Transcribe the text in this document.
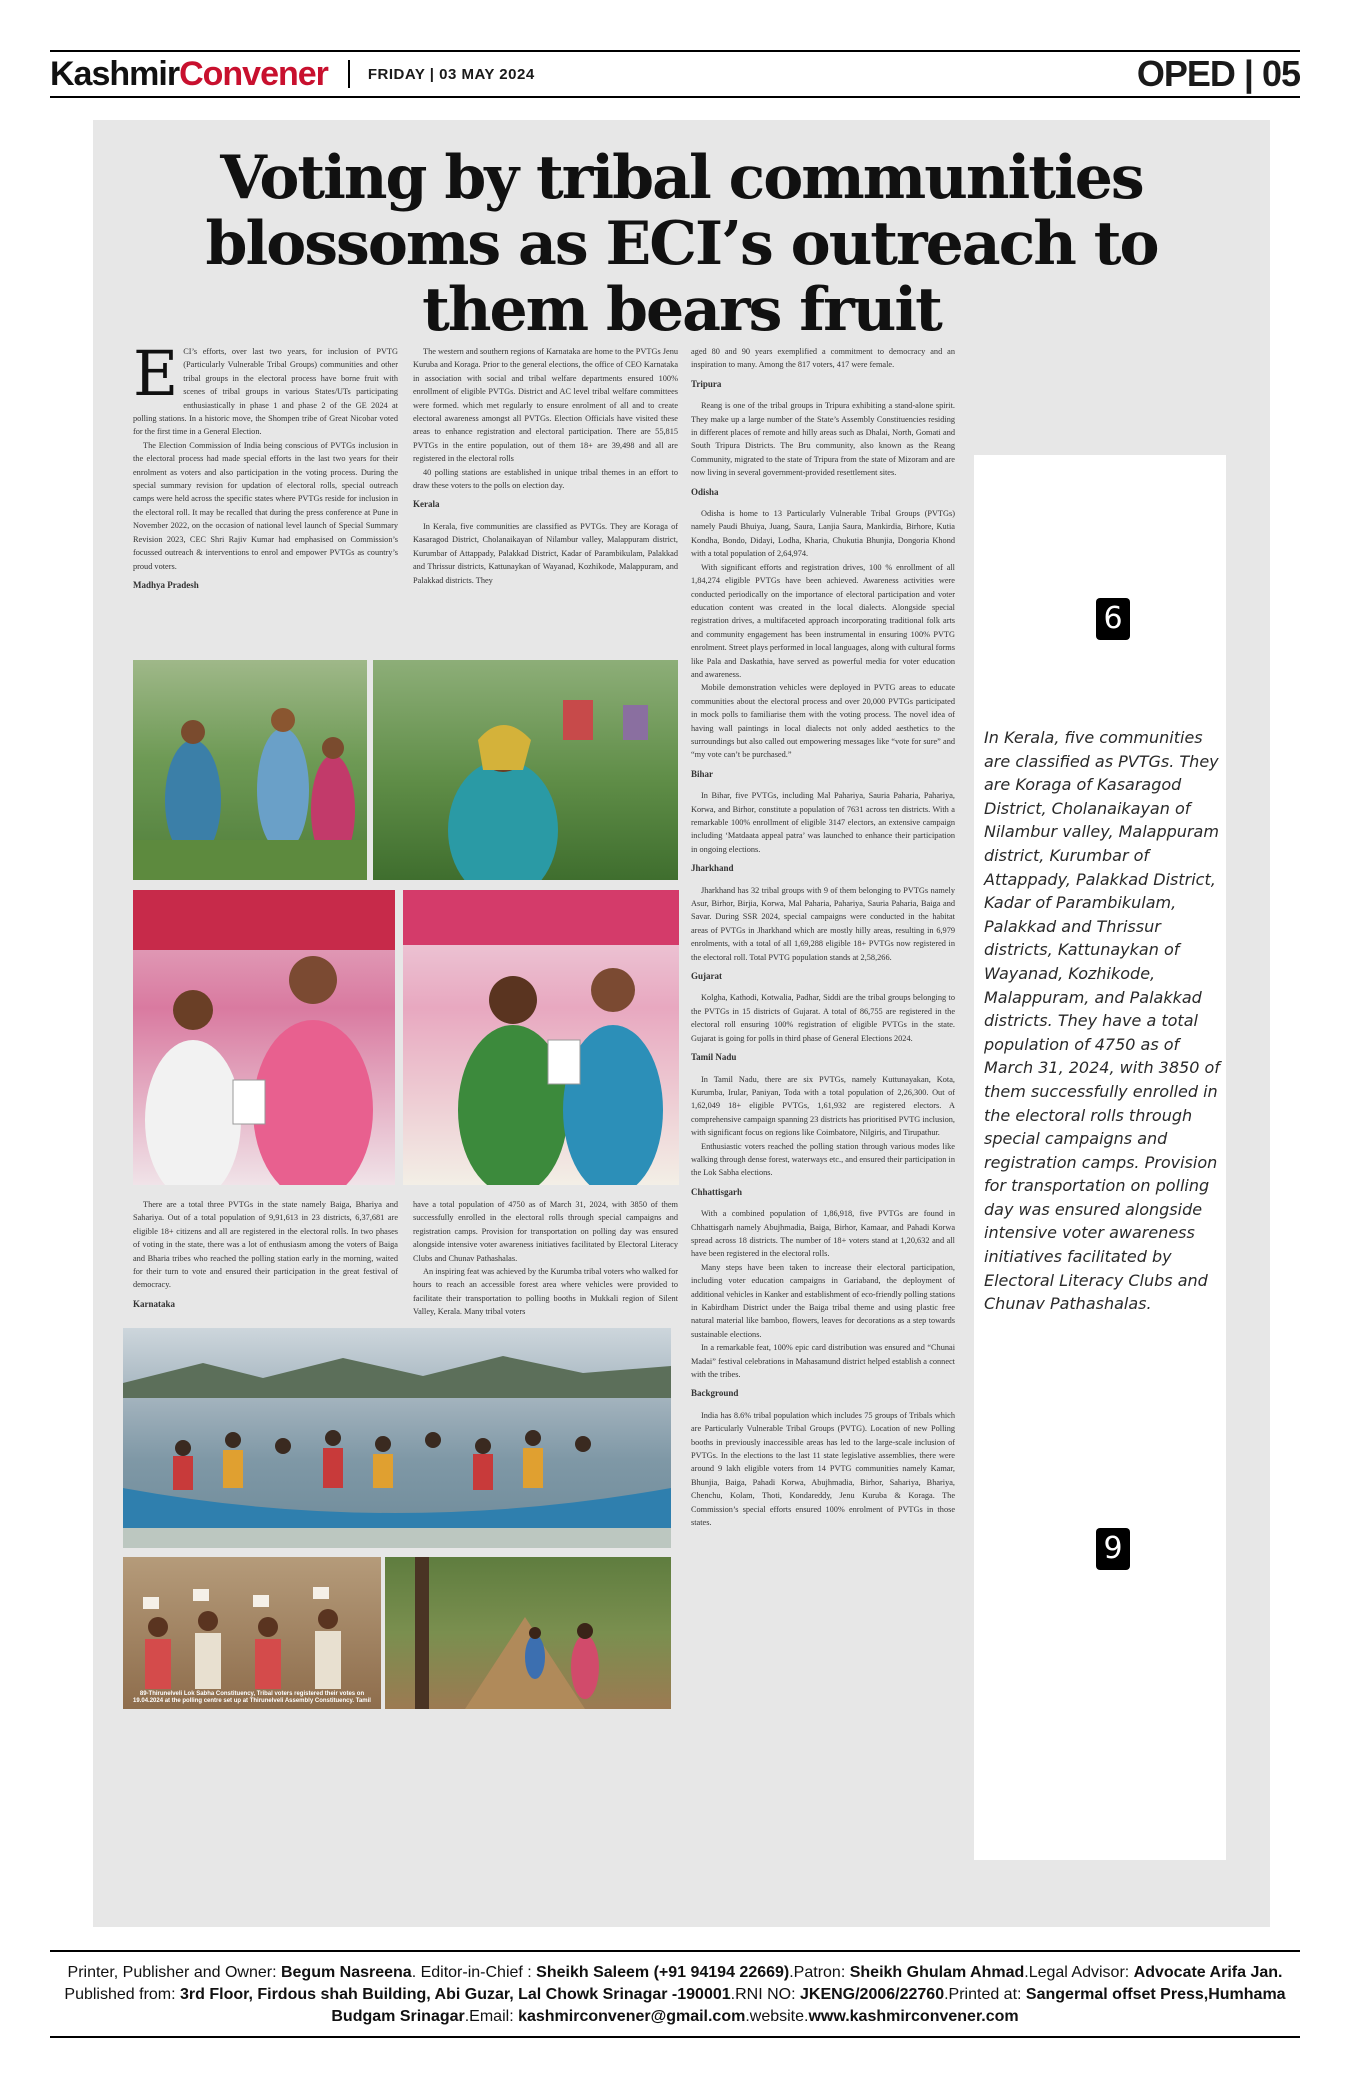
KashmirConvener	FRIDAY | 03 MAY 2024	OPED | 05
Voting by tribal communities
blossoms as ECI’s outreach to
them bears fruit
E CI’s efforts, over last two years, for inclusion of PVTG (Particularly Vulnerable Tribal Groups) communities and other tribal groups in the electoral process have borne fruit with scenes of tribal groups in various States/UTs participating enthusiastically in phase 1 and phase 2 of the GE 2024 at polling stations. In a historic move, the Shompen tribe of Great Nicobar voted for the first time in a General Election.

The Election Commission of India being conscious of PVTGs inclusion in the electoral process had made special efforts in the last two years for their enrolment as voters and also participation in the voting process. During the special summary revision for updation of electoral rolls, special outreach camps were held across the specific states where PVTGs reside for inclusion in the electoral roll. It may be recalled that during the press conference at Pune in November 2022, on the occasion of national level launch of Special Summary Revision 2023, CEC Shri Rajiv Kumar had emphasised on Commission’s focussed outreach & interventions to enrol and empower PVTGs as country’s proud voters.

Madhya Pradesh

The western and southern regions of Karnataka are home to the PVTGs Jenu Kuruba and Koraga. Prior to the general elections, the office of CEO Karnataka in association with social and tribal welfare departments ensured 100% enrollment of eligible PVTGs. District and AC level tribal welfare committees were formed. which met regularly to ensure enrolment of all and to create electoral awareness amongst all PVTGs. Election Officials have visited these areas to enhance registration and electoral participation. There are 55,815 PVTGs in the entire population, out of them 18+ are 39,498 and all are registered in the electoral rolls

40 polling stations are established in unique tribal themes in an effort to draw these voters to the polls on election day.

Kerala

In Kerala, five communities are classified as PVTGs. They are Koraga of Kasaragod District, Cholanaikayan of Nilambur valley, Malappuram district, Kurumbar of Attappady, Palakkad District, Kadar of Parambikulam, Palakkad and Thrissur districts, Kattunaykan of Wayanad, Kozhikode, Malappuram, and Palakkad districts. They

aged 80 and 90 years exemplified a commitment to democracy and an inspiration to many. Among the 817 voters, 417 were female.

Tripura

Reang is one of the tribal groups in Tripura exhibiting a stand-alone spirit. They make up a large number of the State’s Assembly Constituencies residing in different places of remote and hilly areas such as Dhalai, North, Gomati and South Tripura Districts. The Bru community, also known as the Reang Community, migrated to the state of Tripura from the state of Mizoram and are now living in several government-provided resettlement sites.

Odisha

Odisha is home to 13 Particularly Vulnerable Tribal Groups (PVTGs) namely Paudi Bhuiya, Juang, Saura, Lanjia Saura, Mankirdia, Birhore, Kutia Kondha, Bondo, Didayi, Lodha, Kharia, Chukutia Bhunjia, Dongoria Khond with a total population of 2,64,974.

With significant efforts and registration drives, 100 % enrollment of all 1,84,274 eligible PVTGs have been achieved. Awareness activities were conducted periodically on the importance of electoral participation and voter education content was created in the local dialects. Alongside special registration drives, a multifaceted approach incorporating traditional folk arts and community engagement has been instrumental in ensuring 100% PVTG enrolment. Street plays performed in local languages, along with cultural forms like Pala and Daskathia, have served as powerful media for voter education and awareness.

Mobile demonstration vehicles were deployed in PVTG areas to educate communities about the electoral process and over 20,000 PVTGs participated in mock polls to familiarise them with the voting process. The novel idea of having wall paintings in local dialects not only added aesthetics to the surroundings but also called out empowering messages like “vote for sure” and “my vote can’t be purchased.”

Bihar

In Bihar, five PVTGs, including Mal Pahariya, Sauria Paharia, Pahariya, Korwa, and Birhor, constitute a population of 7631 across ten districts. With a remarkable 100% enrollment of eligible 3147 electors, an extensive campaign including ‘Matdaata appeal patra’ was launched to enhance their participation in ongoing elections.

Jharkhand

Jharkhand has 32 tribal groups with 9 of them belonging to PVTGs namely Asur, Birhor, Birjia, Korwa, Mal Paharia, Pahariya, Sauria Paharia, Baiga and Savar. During SSR 2024, special campaigns were conducted in the habitat areas of PVTGs in Jharkhand which are mostly hilly areas, resulting in 6,979 enrolments, with a total of all 1,69,288 eligible 18+ PVTGs now registered in the electoral roll. Total PVTG population stands at 2,58,266.

Gujarat

Kolgha, Kathodi, Kotwalia, Padhar, Siddi are the tribal groups belonging to the PVTGs in 15 districts of Gujarat. A total of 86,755 are registered in the electoral roll ensuring 100% registration of eligible PVTGs in the state. Gujarat is going for polls in third phase of General Elections 2024.

Tamil Nadu

In Tamil Nadu, there are six PVTGs, namely Kuttunayakan, Kota, Kurumba, Irular, Paniyan, Toda with a total population of 2,26,300. Out of 1,62,049 18+ eligible PVTGs, 1,61,932 are registered electors. A comprehensive campaign spanning 23 districts has prioritised PVTG inclusion, with significant focus on regions like Coimbatore, Nilgiris, and Tirupathur.

Enthusiastic voters reached the polling station through various modes like walking through dense forest, waterways etc., and ensured their participation in the Lok Sabha elections.

Chhattisgarh

With a combined population of 1,86,918, five PVTGs are found in Chhattisgarh namely Abujhmadia, Baiga, Birhor, Kamaar, and Pahadi Korwa spread across 18 districts. The number of 18+ voters stand at 1,20,632 and all have been registered in the electoral rolls.

Many steps have been taken to increase their electoral participation, including voter education campaigns in Gariaband, the deployment of additional vehicles in Kanker and establishment of eco-friendly polling stations in Kabirdham District under the Baiga tribal theme and using plastic free natural material like bamboo, flowers, leaves for decorations as a step towards sustainable elections.

In a remarkable feat, 100% epic card distribution was ensured and “Chunai Madai” festival celebrations in Mahasamund district helped establish a connect with the tribes.

Background

India has 8.6% tribal population which includes 75 groups of Tribals which are Particularly Vulnerable Tribal Groups (PVTG). Location of new Polling booths in previously inaccessible areas has led to the large-scale inclusion of PVTGs. In the elections to the last 11 state legislative assemblies, there were around 9 lakh eligible voters from 14 PVTG communities namely Kamar, Bhunjia, Baiga, Pahadi Korwa, Abujhmadia, Birhor, Sahariya, Bhariya, Chenchu, Kolam, Thoti, Kondareddy, Jenu Kuruba & Koraga. The Commission’s special efforts ensured 100% enrolment of PVTGs in those states.

There are a total three PVTGs in the state namely Baiga, Bhariya and Sahariya. Out of a total population of 9,91,613 in 23 districts, 6,37,681 are eligible 18+ citizens and all are registered in the electoral rolls. In two phases of voting in the state, there was a lot of enthusiasm among the voters of Baiga and Bharia tribes who reached the polling station early in the morning, waited for their turn to vote and ensured their participation in the great festival of democracy.

Karnataka

have a total population of 4750 as of March 31, 2024, with 3850 of them successfully enrolled in the electoral rolls through special campaigns and registration camps. Provision for transportation on polling day was ensured alongside intensive voter awareness initiatives facilitated by Electoral Literacy Clubs and Chunav Pathashalas.

An inspiring feat was achieved by the Kurumba tribal voters who walked for hours to reach an accessible forest area where vehicles were provided to facilitate their transportation to polling booths in Mukkali region of Silent Valley, Kerala. Many tribal voters

89-Thirunelveli Lok Sabha Constituency, Tribal voters registered their votes on 19.04.2024 at the polling centre set up at Thirunelveli Assembly Constituency. Tamil
6
In Kerala, five communities are classified as PVTGs. They are Koraga of Kasaragod District, Cholanaikayan of Nilambur valley, Malappuram district, Kurumbar of Attappady, Palakkad District, Kadar of Parambikulam, Palakkad and Thrissur districts, Kattunaykan of Wayanad, Kozhikode, Malappuram, and Palakkad districts. They have a total population of 4750 as of March 31, 2024, with 3850 of them successfully enrolled in the electoral rolls through special campaigns and registration camps. Provision for transportation on polling day was ensured alongside intensive voter awareness initiatives facilitated by Electoral Literacy Clubs and Chunav Pathashalas.
9
Printer, Publisher and Owner: Begum Nasreena. Editor-in-Chief : Sheikh Saleem (+91 94194 22669).Patron: Sheikh Ghulam Ahmad.Legal Advisor: Advocate Arifa Jan.
Published from: 3rd Floor, Firdous shah Building, Abi Guzar, Lal Chowk Srinagar -190001.RNI NO: JKENG/2006/22760.Printed at: Sangermal offset Press,Humhama
Budgam Srinagar.Email: kashmirconvener@gmail.com.website.www.kashmirconvener.com
